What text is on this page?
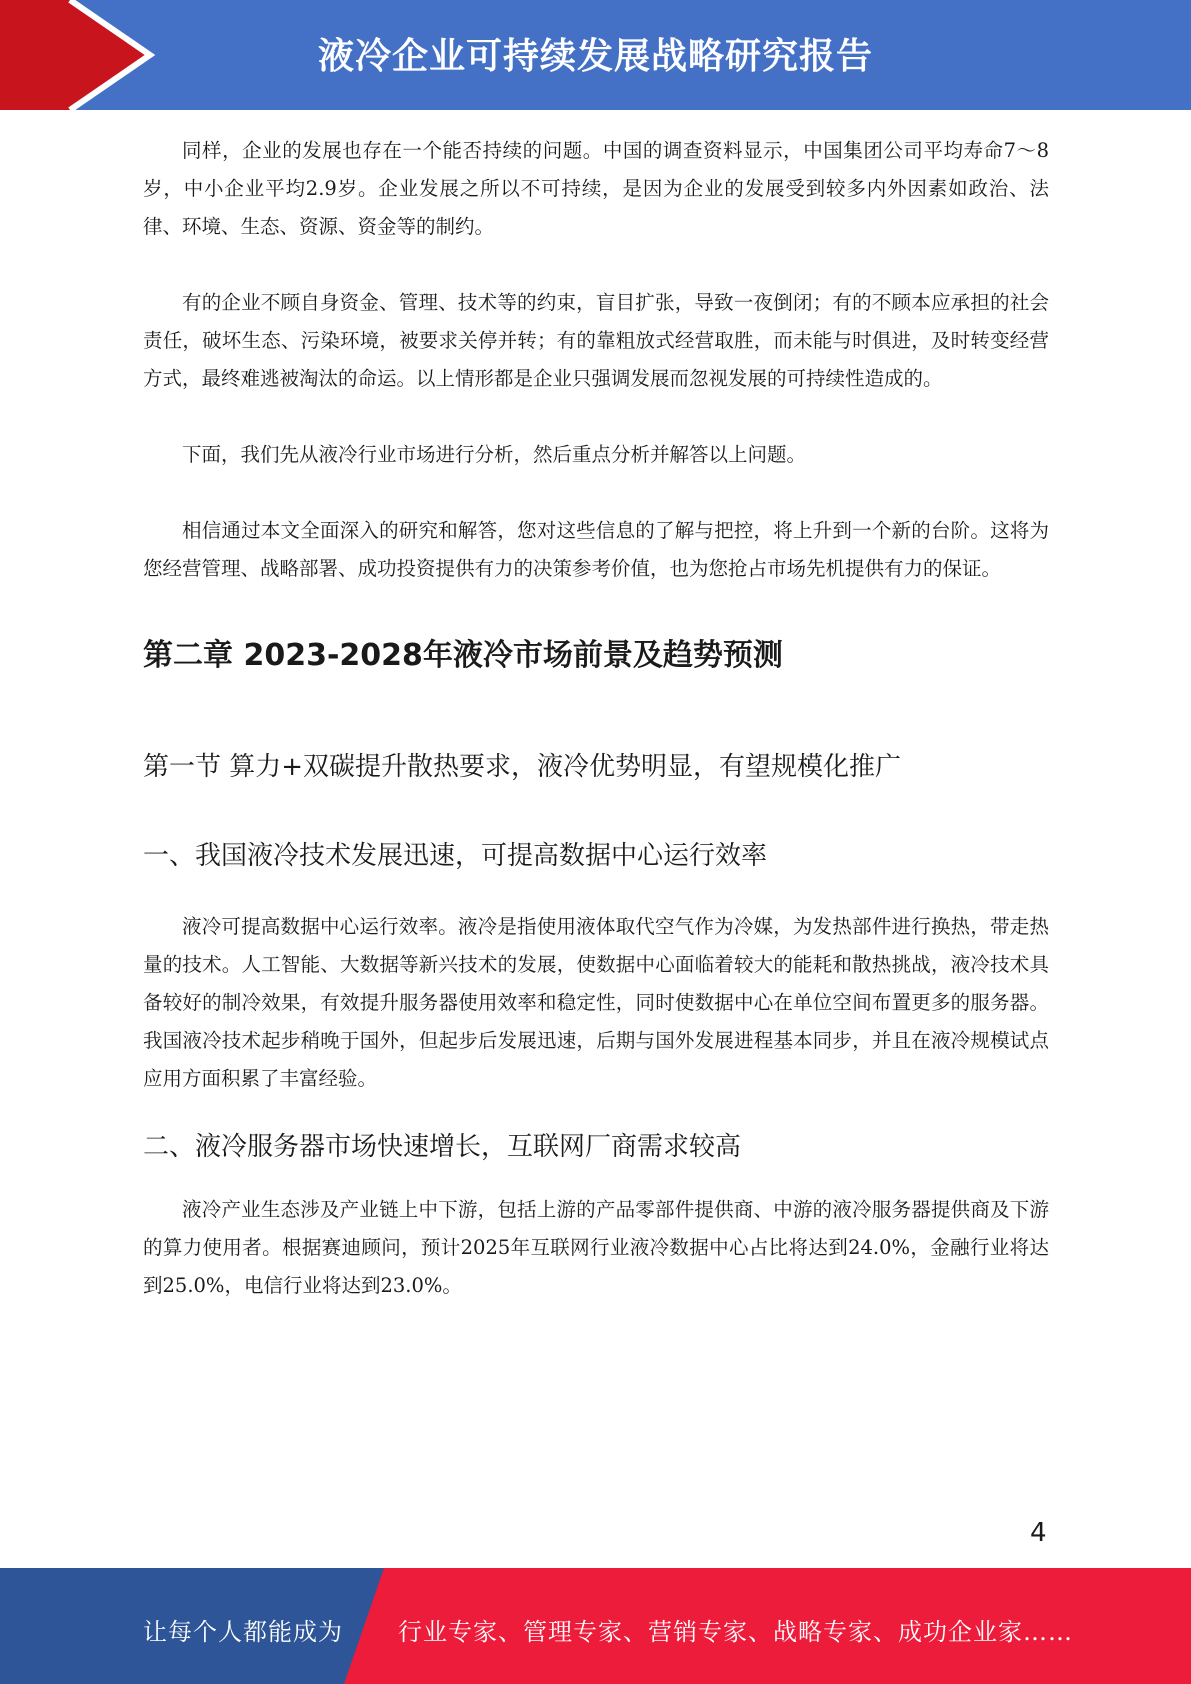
液冷企业可持续发展战略研究报告

同样，企业的发展也存在一个能否持续的问题。中国的调查资料显示，中国集团公司平均寿命7～8岁，中小企业平均2.9岁。企业发展之所以不可持续，是因为企业的发展受到较多内外因素如政治、法律、环境、生态、资源、资金等的制约。

有的企业不顾自身资金、管理、技术等的约束，盲目扩张，导致一夜倒闭；有的不顾本应承担的社会责任，破坏生态、污染环境，被要求关停并转；有的靠粗放式经营取胜，而未能与时俱进，及时转变经营方式，最终难逃被淘汰的命运。以上情形都是企业只强调发展而忽视发展的可持续性造成的。

下面，我们先从液冷行业市场进行分析，然后重点分析并解答以上问题。

相信通过本文全面深入的研究和解答，您对这些信息的了解与把控，将上升到一个新的台阶。这将为您经营管理、战略部署、成功投资提供有力的决策参考价值，也为您抢占市场先机提供有力的保证。

第二章 2023-2028年液冷市场前景及趋势预测
第一节 算力+双碳提升散热要求，液冷优势明显，有望规模化推广
一、我国液冷技术发展迅速，可提高数据中心运行效率

液冷可提高数据中心运行效率。液冷是指使用液体取代空气作为冷媒，为发热部件进行换热，带走热量的技术。人工智能、大数据等新兴技术的发展，使数据中心面临着较大的能耗和散热挑战，液冷技术具备较好的制冷效果，有效提升服务器使用效率和稳定性，同时使数据中心在单位空间布置更多的服务器。我国液冷技术起步稍晚于国外，但起步后发展迅速，后期与国外发展进程基本同步，并且在液冷规模试点应用方面积累了丰富经验。

二、液冷服务器市场快速增长，互联网厂商需求较高

液冷产业生态涉及产业链上中下游，包括上游的产品零部件提供商、中游的液冷服务器提供商及下游的算力使用者。根据赛迪顾问，预计2025年互联网行业液冷数据中心占比将达到24.0%，金融行业将达到25.0%，电信行业将达到23.0%。

4
让每个人都能成为 行业专家、管理专家、营销专家、战略专家、成功企业家……
